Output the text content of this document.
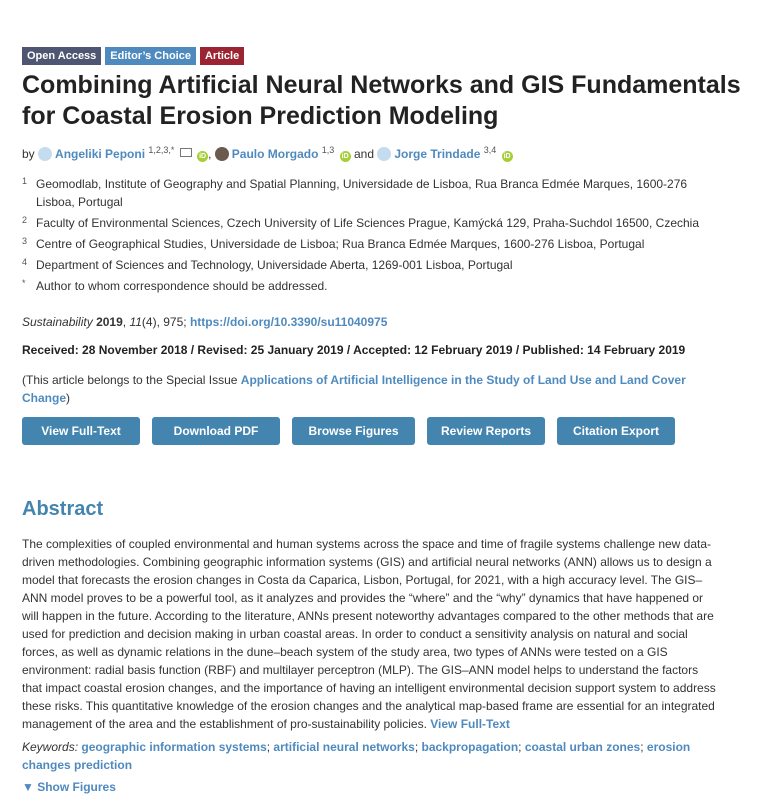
Open Access	Editor’s Choice	Article
Combining Artificial Neural Networks and GIS Fundamentals for Coastal Erosion Prediction Modeling
by Angeliki Peponi $^{1,2,3,*}$  iD , Paulo Morgado $^{1,3}$ iD and Jorge Trindade $^{3,4}$ iD
1 Geomodlab, Institute of Geography and Spatial Planning, Universidade de Lisboa, Rua Branca Edmée Marques, 1600-276 Lisboa, Portugal
2 Faculty of Environmental Sciences, Czech University of Life Sciences Prague, Kamýcká 129, Praha-Suchdol 16500, Czechia
3 Centre of Geographical Studies, Universidade de Lisboa; Rua Branca Edmée Marques, 1600-276 Lisboa, Portugal
4 Department of Sciences and Technology, Universidade Aberta, 1269-001 Lisboa, Portugal
* Author to whom correspondence should be addressed.
Sustainability 2019, 11(4), 975; https://doi.org/10.3390/su11040975
Received: 28 November 2018 / Revised: 25 January 2019 / Accepted: 12 February 2019 / Published: 14 February 2019
(This article belongs to the Special Issue Applications of Artificial Intelligence in the Study of Land Use and Land Cover Change)
View Full-Text	Download PDF	Browse Figures	Review Reports	Citation Export
Abstract

The complexities of coupled environmental and human systems across the space and time of fragile systems challenge new data-driven methodologies. Combining geographic information systems (GIS) and artificial neural networks (ANN) allows us to design a model that forecasts the erosion changes in Costa da Caparica, Lisbon, Portugal, for 2021, with a high accuracy level. The GIS–ANN model proves to be a powerful tool, as it analyzes and provides the “where” and the “why” dynamics that have happened or will happen in the future. According to the literature, ANNs present noteworthy advantages compared to the other methods that are used for prediction and decision making in urban coastal areas. In order to conduct a sensitivity analysis on natural and social forces, as well as dynamic relations in the dune–beach system of the study area, two types of ANNs were tested on a GIS environment: radial basis function (RBF) and multilayer perceptron (MLP). The GIS–ANN model helps to understand the factors that impact coastal erosion changes, and the importance of having an intelligent environmental decision support system to address these risks. This quantitative knowledge of the erosion changes and the analytical map-based frame are essential for an integrated management of the area and the establishment of pro-sustainability policies. View Full-Text

Keywords: geographic information systems; artificial neural networks; backpropagation; coastal urban zones; erosion changes prediction
▼ Show Figures
